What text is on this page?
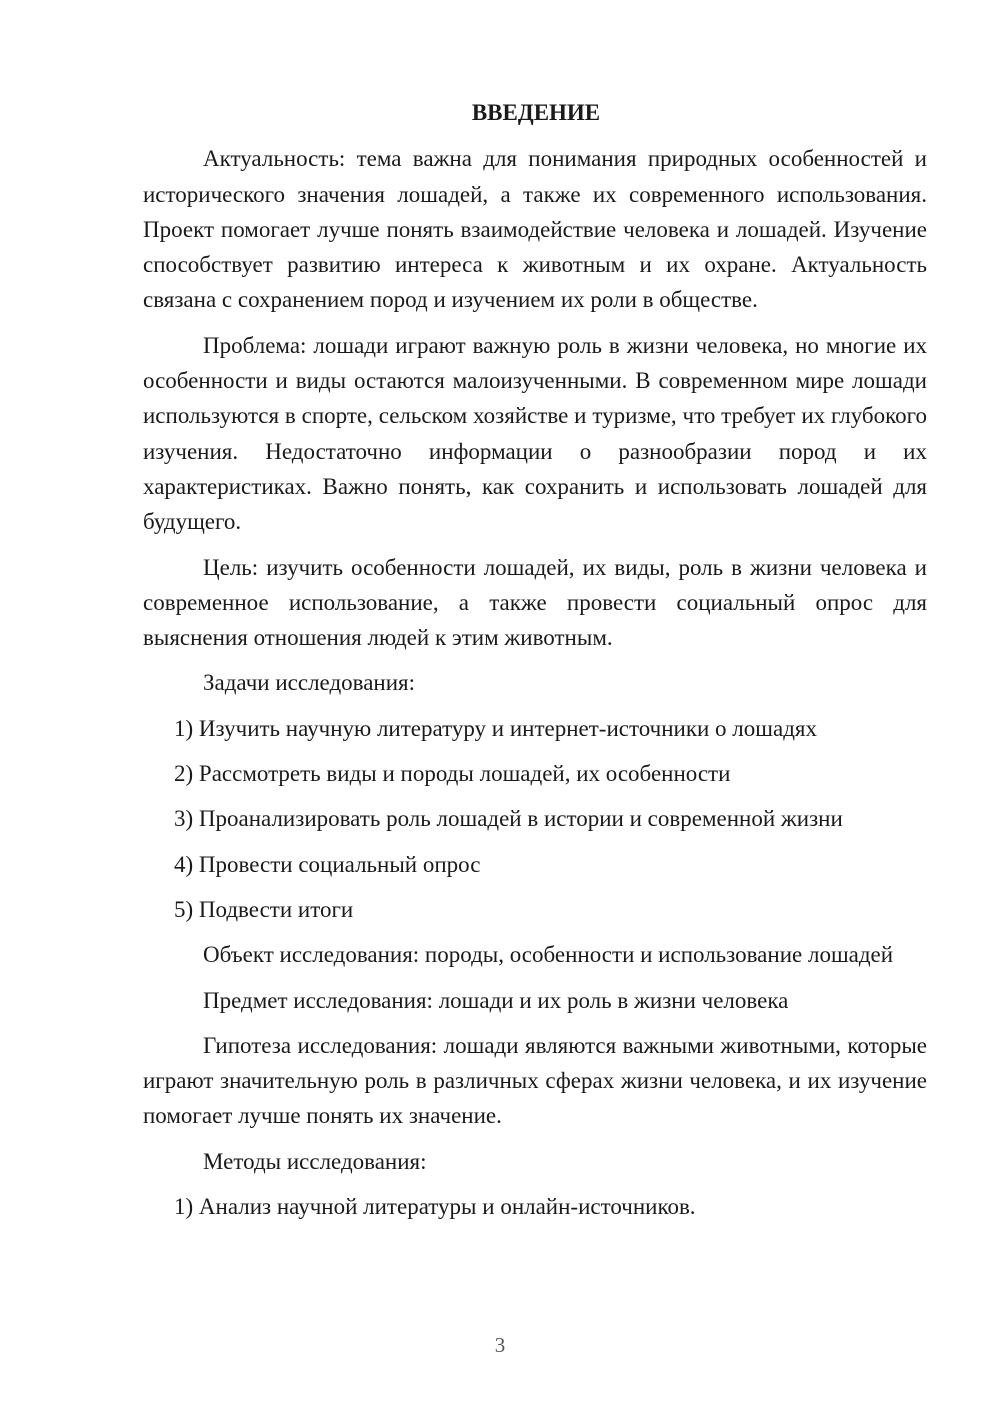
ВВЕДЕНИЕ

Актуальность: тема важна для понимания природных особенностей и исторического значения лошадей, а также их современного использования. Проект помогает лучше понять взаимодействие человека и лошадей. Изучение способствует развитию интереса к животным и их охране. Актуальность связана с сохранением пород и изучением их роли в обществе.

Проблема: лошади играют важную роль в жизни человека, но многие их особенности и виды остаются малоизученными. В современном мире лошади используются в спорте, сельском хозяйстве и туризме, что требует их глубокого изучения. Недостаточно информации о разнообразии пород и их характеристиках. Важно понять, как сохранить и использовать лошадей для будущего.

Цель: изучить особенности лошадей, их виды, роль в жизни человека и современное использование, а также провести социальный опрос для выяснения отношения людей к этим животным.

Задачи исследования:

1) Изучить научную литературу и интернет-источники о лошадях
2) Рассмотреть виды и породы лошадей, их особенности
3) Проанализировать роль лошадей в истории и современной жизни
4) Провести социальный опрос
5) Подвести итоги

Объект исследования: породы, особенности и использование лошадей

Предмет исследования: лошади и их роль в жизни человека

Гипотеза исследования: лошади являются важными животными, которые играют значительную роль в различных сферах жизни человека, и их изучение помогает лучше понять их значение.

Методы исследования:

1) Анализ научной литературы и онлайн-источников.
3
